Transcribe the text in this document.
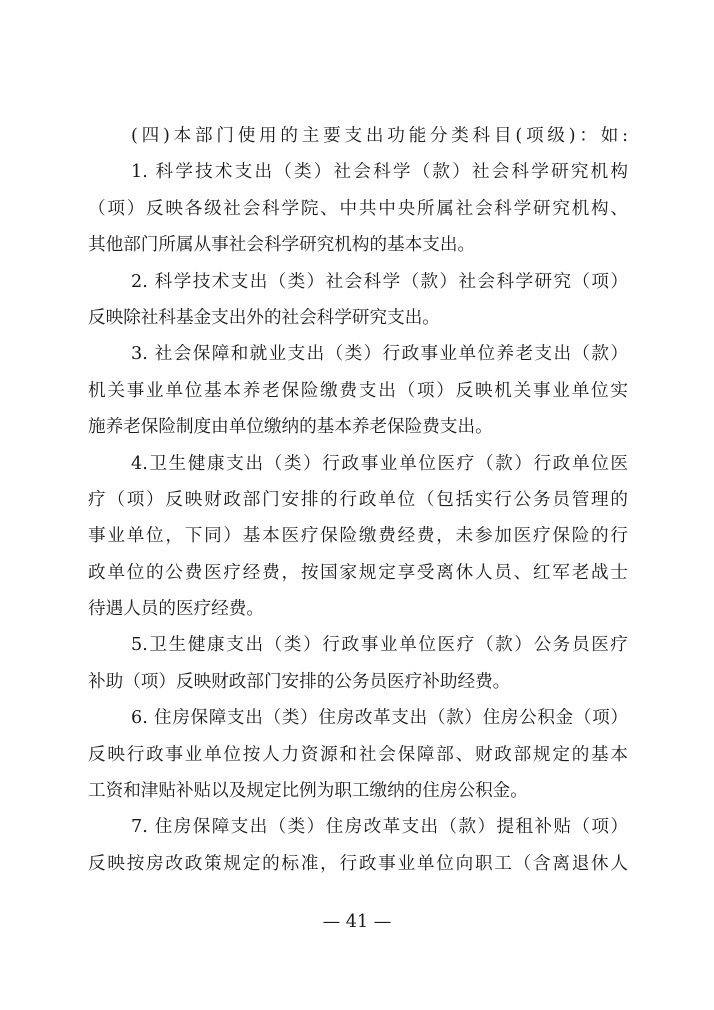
(四)本部门使用的主要支出功能分类科目(项级)：如:
1. 科学技术支出（类）社会科学（款）社会科学研究机构
（项）反映各级社会科学院、中共中央所属社会科学研究机构、
其他部门所属从事社会科学研究机构的基本支出。
2. 科学技术支出（类）社会科学（款）社会科学研究（项）
反映除社科基金支出外的社会科学研究支出。
3. 社会保障和就业支出（类）行政事业单位养老支出（款）
机关事业单位基本养老保险缴费支出（项）反映机关事业单位实
施养老保险制度由单位缴纳的基本养老保险费支出。
4.卫生健康支出（类）行政事业单位医疗（款）行政单位医
疗（项）反映财政部门安排的行政单位（包括实行公务员管理的
事业单位，下同）基本医疗保险缴费经费，未参加医疗保险的行
政单位的公费医疗经费，按国家规定享受离休人员、红军老战士
待遇人员的医疗经费。
5.卫生健康支出（类）行政事业单位医疗（款）公务员医疗
补助（项）反映财政部门安排的公务员医疗补助经费。
6. 住房保障支出（类）住房改革支出（款）住房公积金（项）
反映行政事业单位按人力资源和社会保障部、财政部规定的基本
工资和津贴补贴以及规定比例为职工缴纳的住房公积金。
7. 住房保障支出（类）住房改革支出（款）提租补贴（项）
反映按房改政策规定的标准，行政事业单位向职工（含离退休人
— 41 —
